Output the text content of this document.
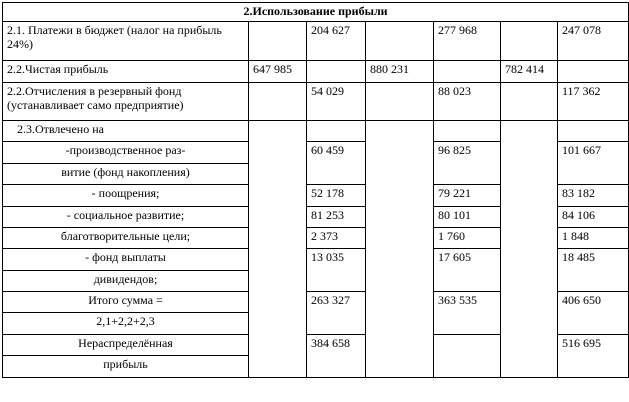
2.Использование прибыли							
2.1. Платежи в бюджет (налог на прибыль 24%)		204 627		277 968		247 078	
2.2.Чистая прибыль	647 985		880 231		782 414		
2.2.Отчисления в резервный фонд (устанавливает само предприятие)		54 029		88 023		117 362	
2.3.Отвлечено на							
-производственное раз-		60 459		96 825		101 667	
витие (фонд накопления)							
- поощрения;		52 178		79 221		83 182	
- социальное развитие;		81 253		80 101		84 106	
благотворительные цели;		2 373		1 760		1 848	
- фонд выплаты		13 035		17 605		18 485	
дивидендов;							
Итого сумма =		263 327		363 535		406 650	
2,1+2,2+2,3							
Нераспределённая		384 658				516 695			
прибыль							
